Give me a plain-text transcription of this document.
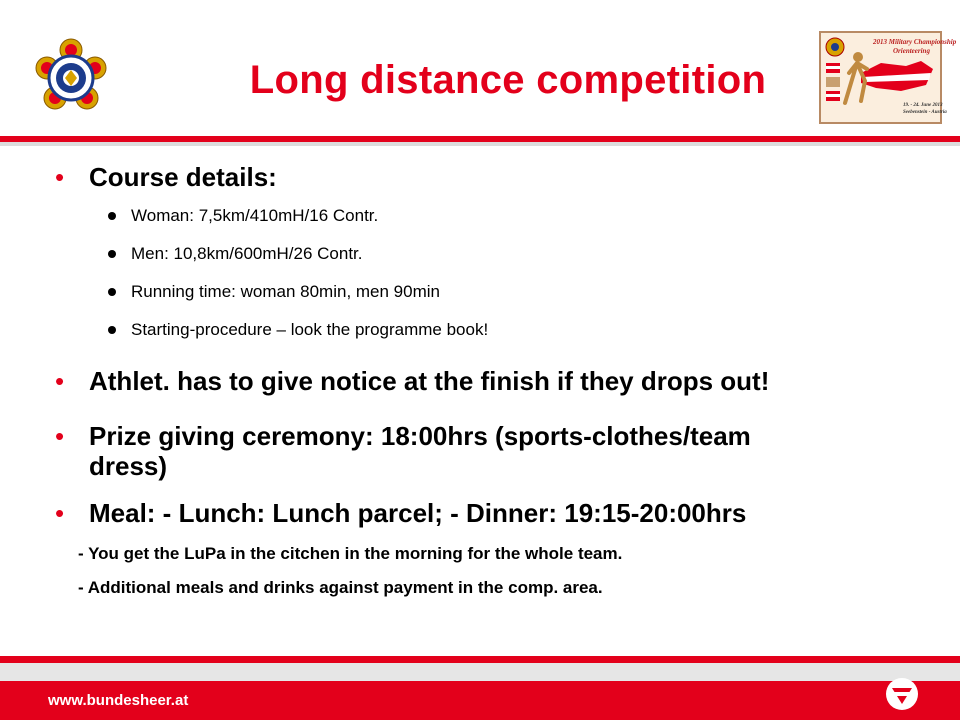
Long distance competition
2013 Military Championship
Orienteering
19. - 24. June 2013
Seebenstein - Austria
• Course details:
Woman: 7,5km/410mH/16 Contr.
Men: 10,8km/600mH/26 Contr.
Running time: woman 80min, men 90min
Starting-procedure – look the programme book!
• Athlet. has to give notice at the finish if they drops out!
• Prize giving ceremony: 18:00hrs (sports-clothes/team
dress)
• Meal: - Lunch: Lunch parcel; - Dinner: 19:15-20:00hrs
- You get the LuPa in the citchen in the morning for the whole team.
- Additional meals and drinks against payment in the comp. area.
www.bundesheer.at
